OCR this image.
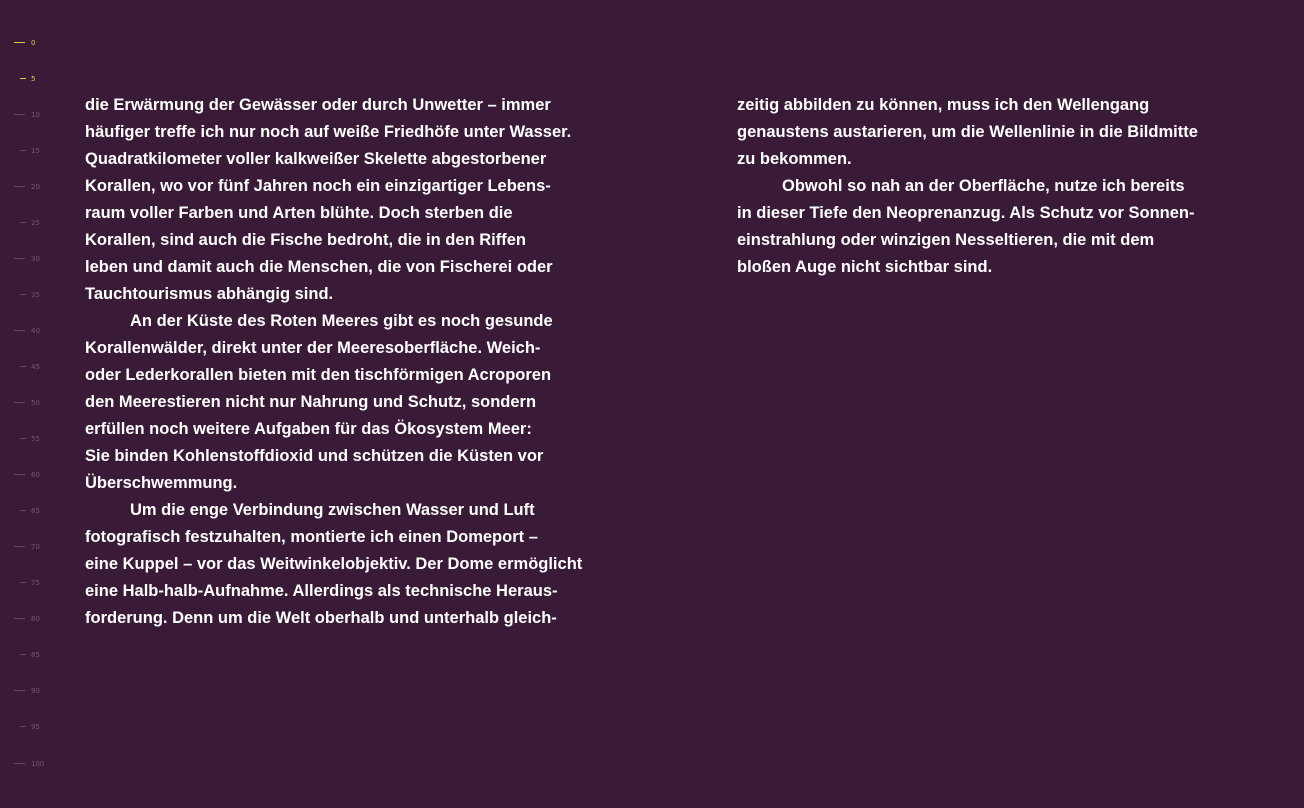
0
5
10
15
20
25
30
35
40
45
50
55
60
65
70
75
80
85
90
95
100
die Erwärmung der Gewässer oder durch Unwetter – immer
häufiger treffe ich nur noch auf weiße Friedhöfe unter Wasser.
Quadratkilometer voller kalkweißer Skelette abgestorbener
Korallen, wo vor fünf Jahren noch ein einzigartiger Lebens-
raum voller Farben und Arten blühte. Doch sterben die
Korallen, sind auch die Fische bedroht, die in den Riffen
leben und damit auch die Menschen, die von Fischerei oder
Tauchtourismus abhängig sind.
An der Küste des Roten Meeres gibt es noch gesunde
Korallenwälder, direkt unter der Meeresoberfläche. Weich-
oder Lederkorallen bieten mit den tischförmigen Acroporen
den Meerestieren nicht nur Nahrung und Schutz, sondern
erfüllen noch weitere Aufgaben für das Ökosystem Meer:
Sie binden Kohlenstoffdioxid und schützen die Küsten vor
Überschwemmung.
Um die enge Verbindung zwischen Wasser und Luft
fotografisch festzuhalten, montierte ich einen Domeport –
eine Kuppel – vor das Weitwinkelobjektiv. Der Dome ermöglicht
eine Halb-halb-Aufnahme. Allerdings als technische Heraus-
forderung. Denn um die Welt oberhalb und unterhalb gleich-
zeitig abbilden zu können, muss ich den Wellengang
genaustens austarieren, um die Wellenlinie in die Bildmitte
zu bekommen.
Obwohl so nah an der Oberfläche, nutze ich bereits
in dieser Tiefe den Neoprenanzug. Als Schutz vor Sonnen-
einstrahlung oder winzigen Nesseltieren, die mit dem
bloßen Auge nicht sichtbar sind.
